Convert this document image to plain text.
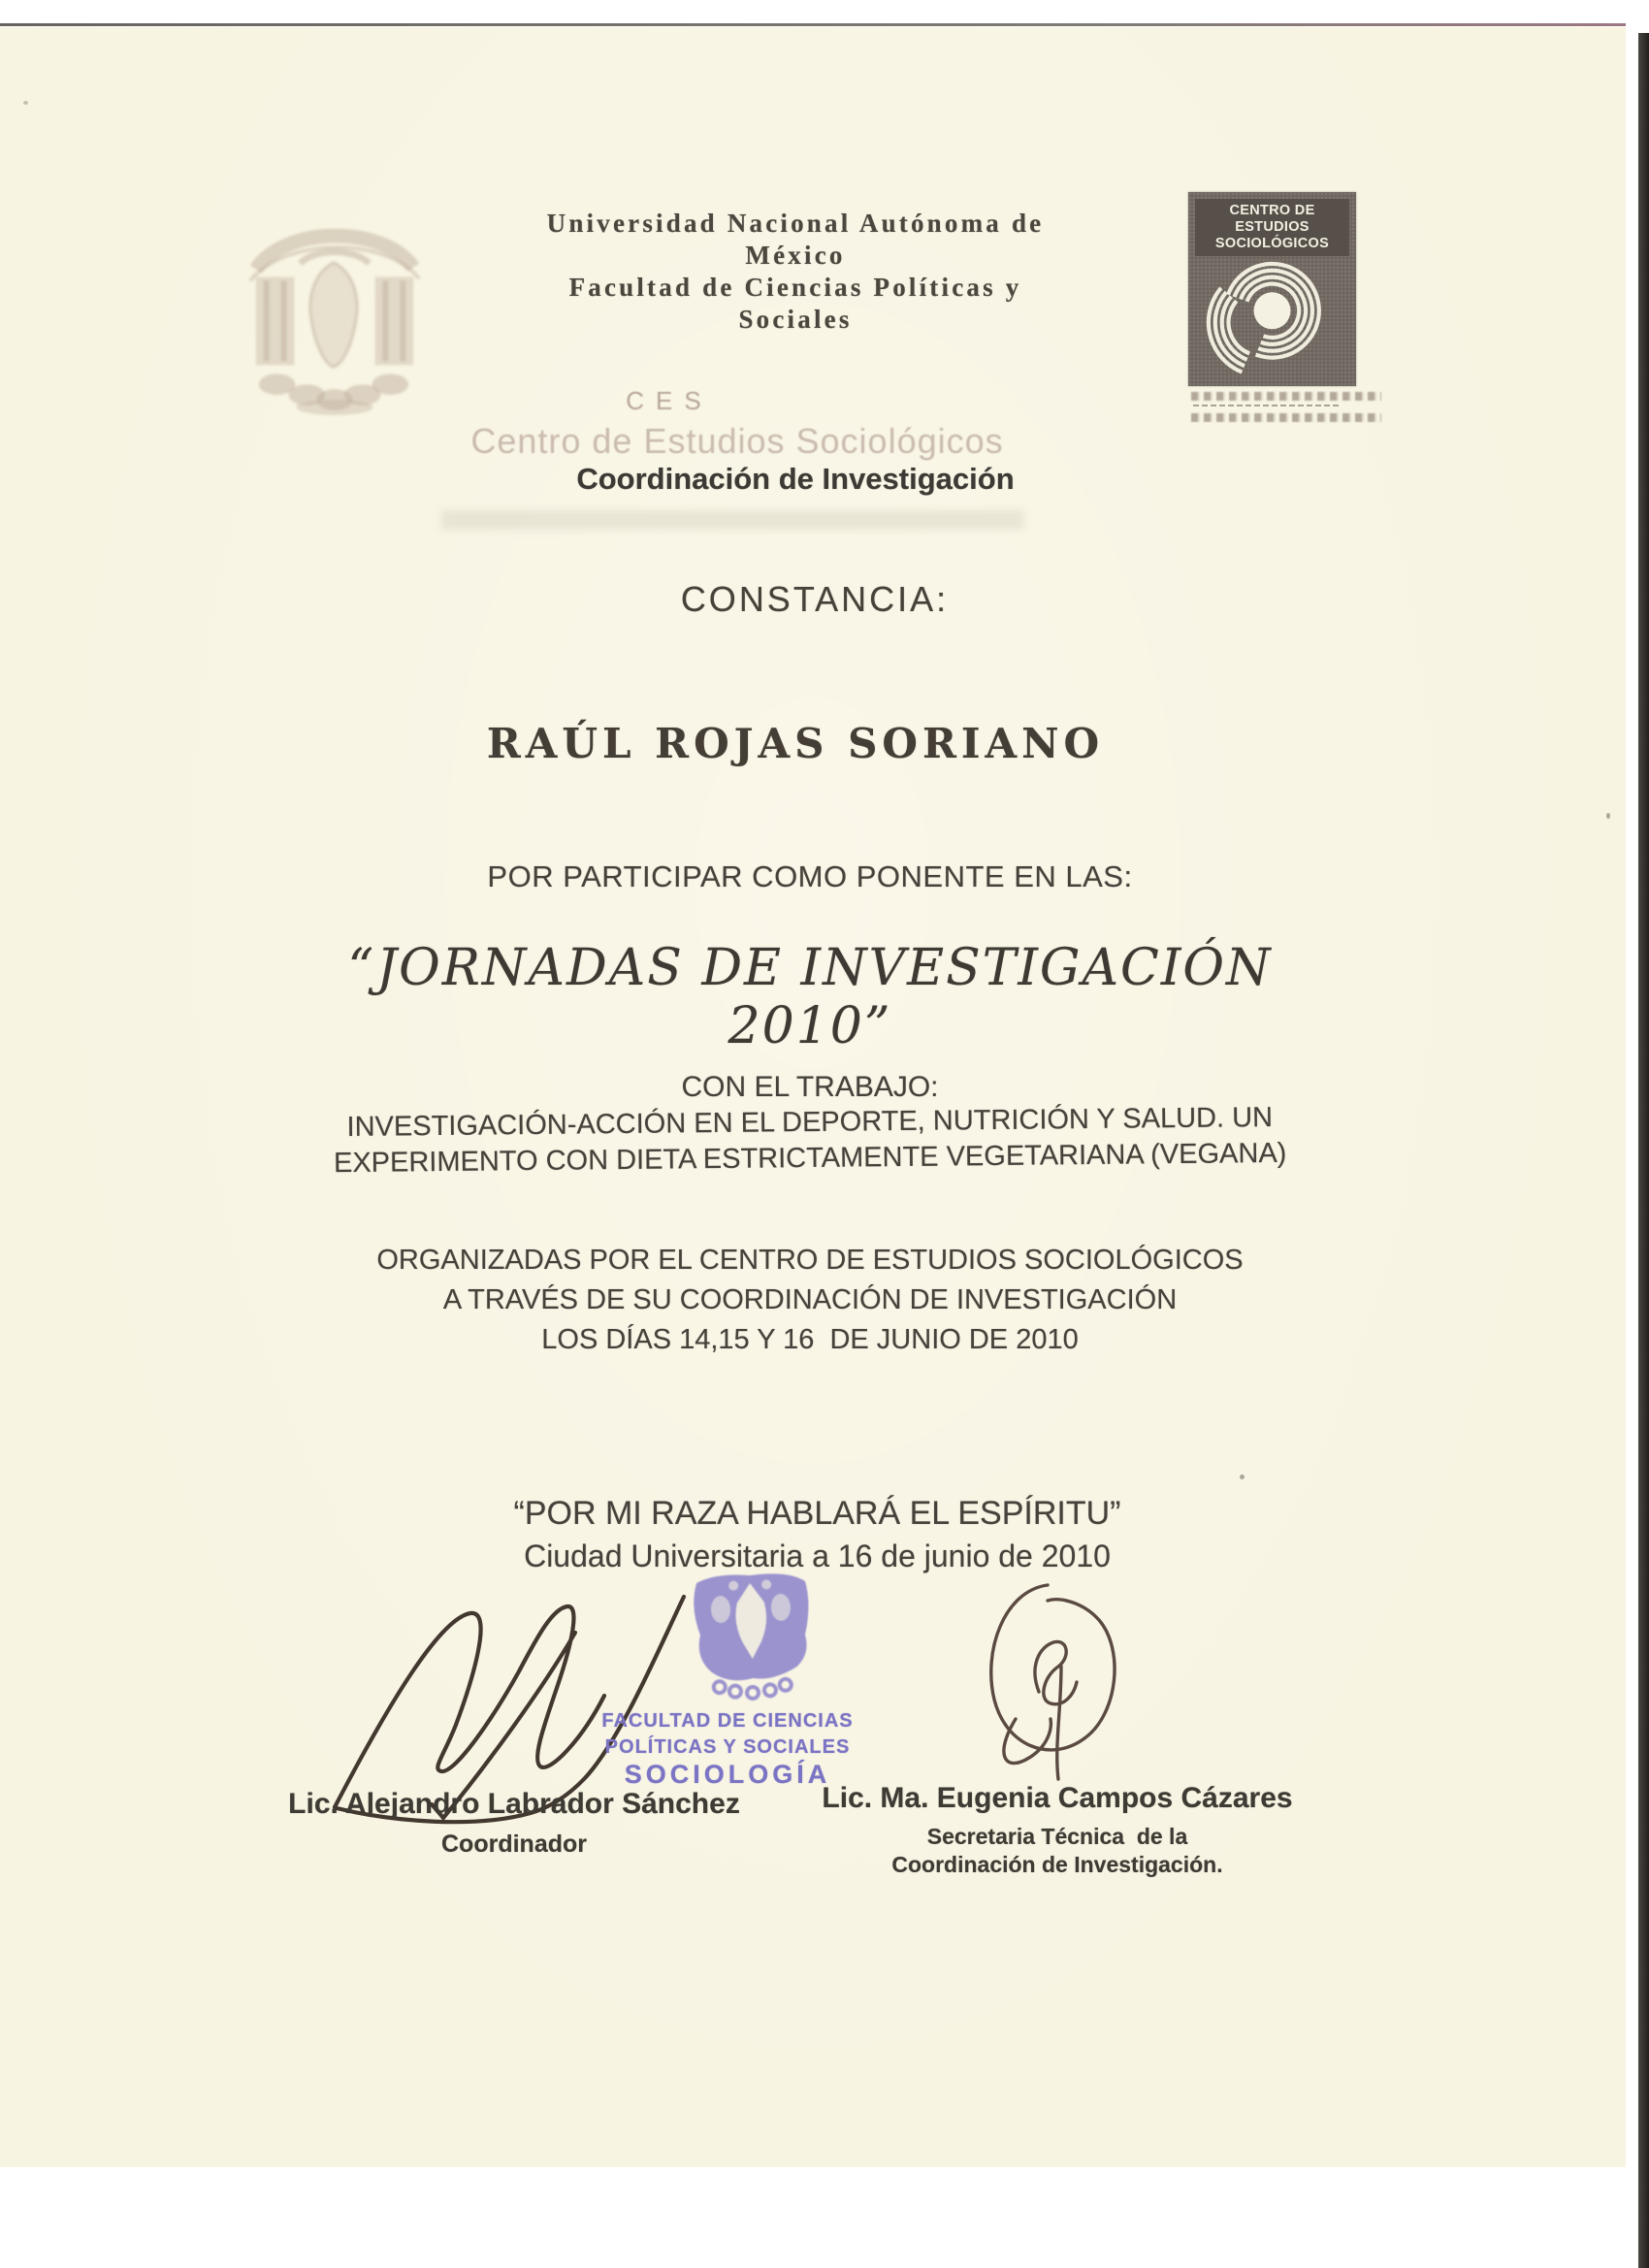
Universidad Nacional Autónoma de
México
Facultad de Ciencias Políticas y
Sociales
CES
Centro de Estudios Sociológicos
Coordinación de Investigación
CENTRO DE ESTUDIOS
SOCIOLÓGICOS
CONSTANCIA:
RAÚL ROJAS SORIANO
POR PARTICIPAR COMO PONENTE EN LAS:
“JORNADAS DE INVESTIGACIÓN 2010”
CON EL TRABAJO:
INVESTIGACIÓN-ACCIÓN EN EL DEPORTE, NUTRICIÓN Y SALUD. UN
EXPERIMENTO CON DIETA ESTRICTAMENTE VEGETARIANA (VEGANA)
ORGANIZADAS POR EL CENTRO DE ESTUDIOS SOCIOLÓGICOS
A TRAVÉS DE SU COORDINACIÓN DE INVESTIGACIÓN
LOS DÍAS 14,15 Y 16  DE JUNIO DE 2010
“POR MI RAZA HABLARÁ EL ESPÍRITU”
Ciudad Universitaria a 16 de junio de 2010
FACULTAD DE CIENCIAS
POLÍTICAS Y SOCIALES
SOCIOLOGÍA
Lic. Alejandro Labrador Sánchez
Coordinador
Lic. Ma. Eugenia Campos Cázares
Secretaria Técnica  de la
Coordinación de Investigación.
